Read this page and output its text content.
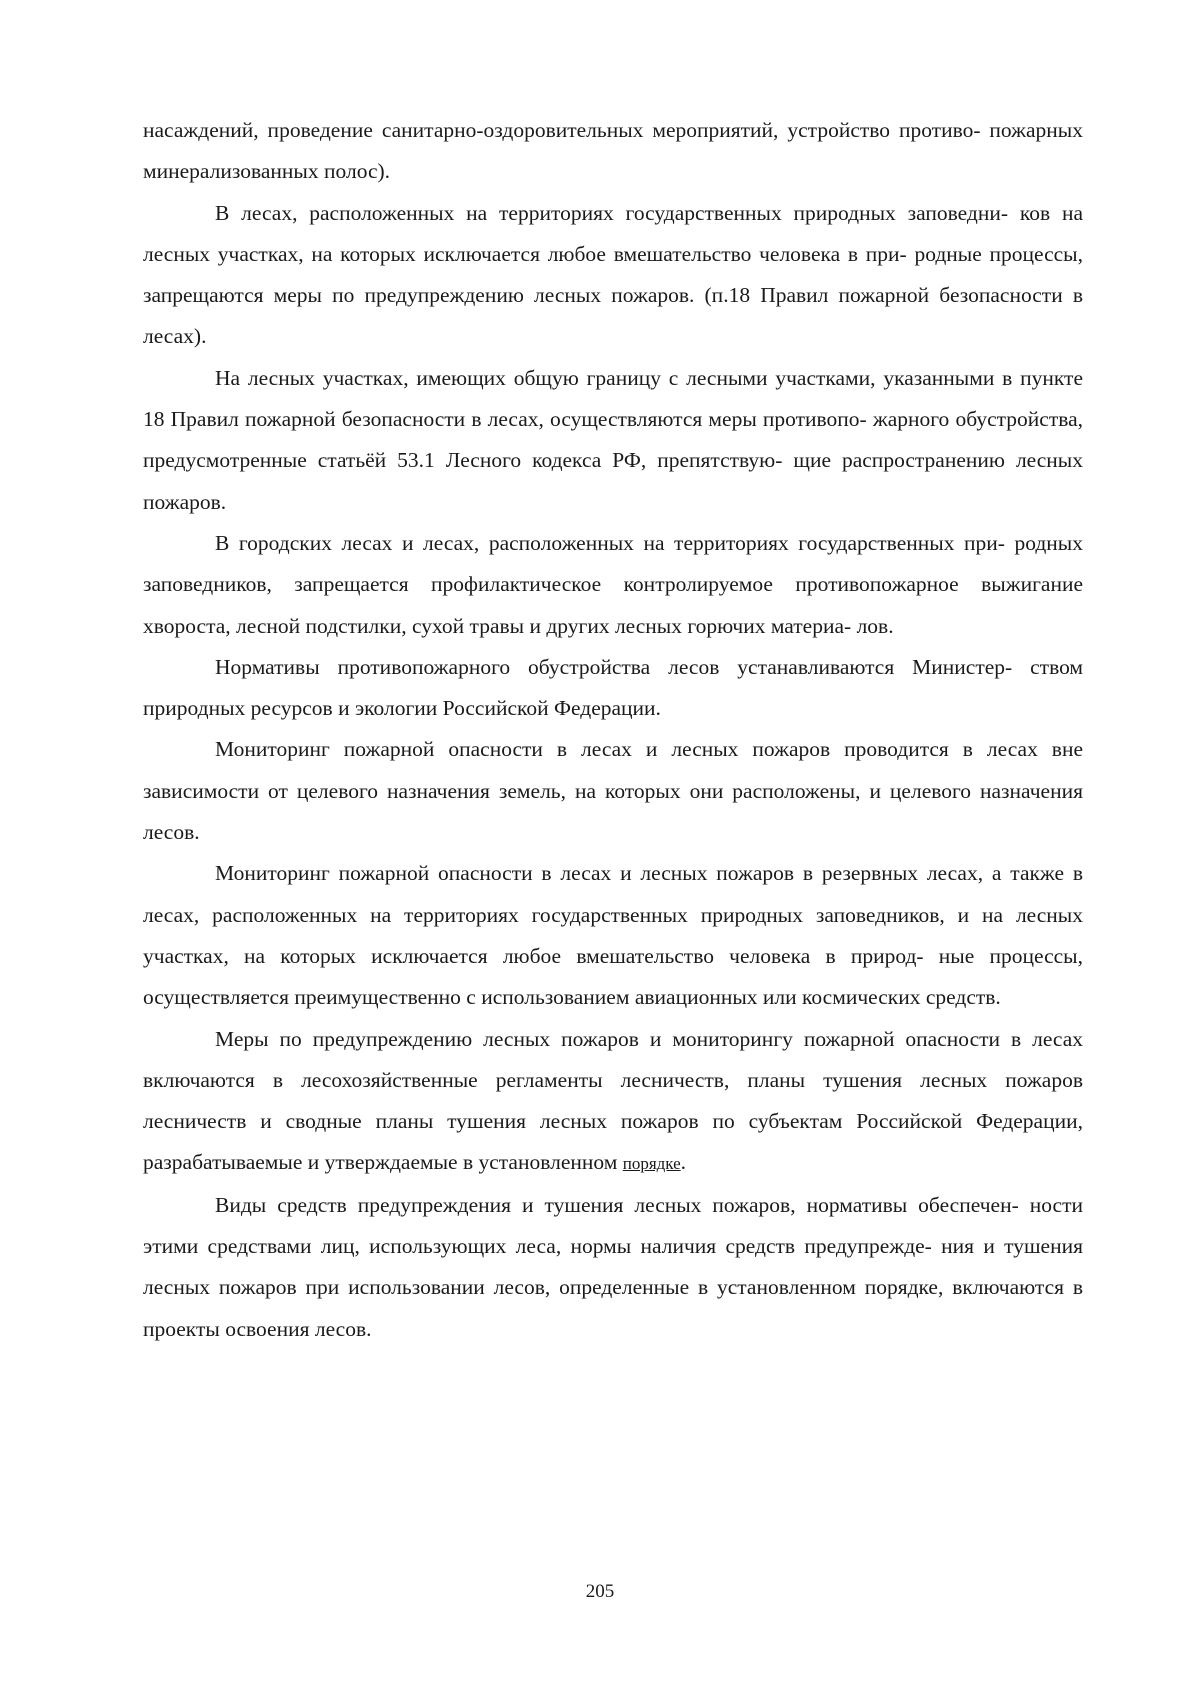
насаждений, проведение санитарно-оздоровительных мероприятий, устройство противо- пожарных минерализованных полос).

В лесах, расположенных на территориях государственных природных заповедни- ков на лесных участках, на которых исключается любое вмешательство человека в при- родные процессы, запрещаются меры по предупреждению лесных пожаров. (п.18 Правил пожарной безопасности в лесах).

На лесных участках, имеющих общую границу с лесными участками, указанными в пункте 18 Правил пожарной безопасности в лесах, осуществляются меры противопо- жарного обустройства, предусмотренные статьёй 53.1 Лесного кодекса РФ, препятствую- щие распространению лесных пожаров.

В городских лесах и лесах, расположенных на территориях государственных при- родных заповедников, запрещается профилактическое контролируемое противопожарное выжигание хвороста, лесной подстилки, сухой травы и других лесных горючих материа- лов.

Нормативы противопожарного обустройства лесов устанавливаются Министер- ством природных ресурсов и экологии Российской Федерации.

Мониторинг пожарной опасности в лесах и лесных пожаров проводится в лесах вне зависимости от целевого назначения земель, на которых они расположены, и целевого назначения лесов.

Мониторинг пожарной опасности в лесах и лесных пожаров в резервных лесах, а также в лесах, расположенных на территориях государственных природных заповедников, и на лесных участках, на которых исключается любое вмешательство человека в природ- ные процессы, осуществляется преимущественно с использованием авиационных или космических средств.

Меры по предупреждению лесных пожаров и мониторингу пожарной опасности в лесах включаются в лесохозяйственные регламенты лесничеств, планы тушения лесных пожаров лесничеств и сводные планы тушения лесных пожаров по субъектам Российской Федерации, разрабатываемые и утверждаемые в установленном порядке.

Виды средств предупреждения и тушения лесных пожаров, нормативы обеспечен- ности этими средствами лиц, использующих леса, нормы наличия средств предупрежде- ния и тушения лесных пожаров при использовании лесов, определенные в установленном порядке, включаются в проекты освоения лесов.

205
